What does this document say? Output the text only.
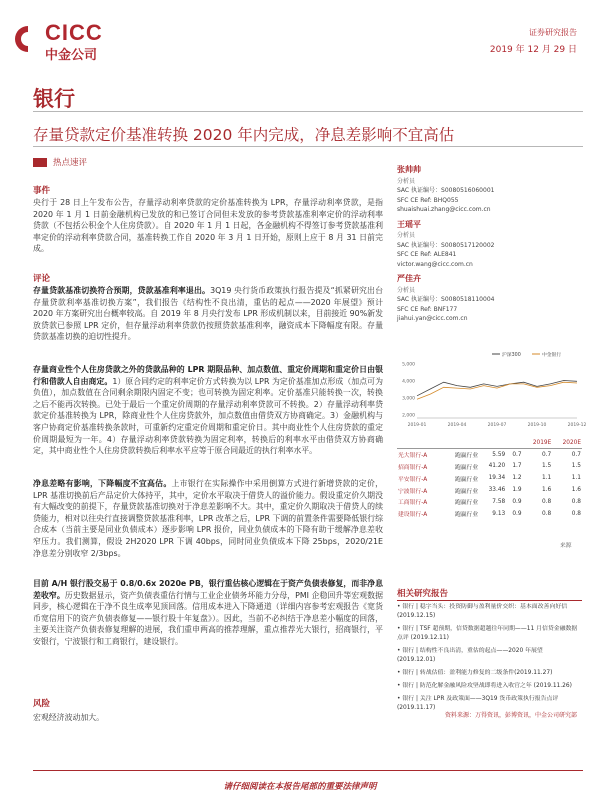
CICC
中金公司
证券研究报告
2019 年 12 月 29 日
银行
存量贷款定价基准转换 2020 年内完成，净息差影响不宜高估
热点速评
事件
央行于 28 日上午发布公告，存量浮动利率贷款的定价基准转换为 LPR，存量浮动利率贷款，是指 2020 年 1 月 1 日前金融机构已发放的和已签订合同但未发放的参考贷款基准利率定价的浮动利率贷款（不包括公积金个人住房贷款）。自 2020 年 1 月 1 日起，各金融机构不得签订参考贷款基准利率定价的浮动利率贷款合同，基准转换工作自 2020 年 3 月 1 日开始，原则上应于 8 月 31 日前完成。
评论
存量贷款基准切换符合预期，贷款基准利率退出。3Q19 央行货币政策执行报告提及“抓紧研究出台存量贷款利率基准切换方案”，我们报告《结构性不良出清，重估的起点——2020 年展望》预计 2020 年方案研究出台概率较高。自 2019 年 8 月央行发布 LPR 形成机制以来，目前接近 90%新发放贷款已参照 LPR 定价，但存量浮动利率贷款仍按照贷款基准利率，融资成本下降幅度有限。存量贷款基准切换的迫切性提升。
存量商业性个人住房贷款之外的贷款品种的 LPR 期限品种、加点数值、重定价周期和重定价日由银行和借款人自由商定。1）原合同约定的利率定价方式转换为以 LPR 为定价基准加点形成（加点可为负值），加点数值在合同剩余期限内固定不变；也可转换为固定利率。定价基准只能转换一次，转换之后不能再次转换。已处于最后一个重定价周期的存量浮动利率贷款可不转换。2）存量浮动利率贷款定价基准转换为 LPR，除商业性个人住房贷款外，加点数值由借贷双方协商确定。3）金融机构与客户协商定价基准转换条款时，可重新约定重定价周期和重定价日。其中商业性个人住房贷款的重定价周期最短为一年。4）存量浮动利率贷款转换为固定利率，转换后的利率水平由借贷双方协商确定，其中商业性个人住房贷款转换后利率水平应等于原合同最近的执行利率水平。
净息差略有影响，下降幅度不宜高估。上市银行在实际操作中采用倒算方式进行新增贷款的定价，LPR 基准切换前后产品定价大体持平，其中，定价水平取决于借贷人的溢价能力。假设重定价久期没有大幅改变的前提下，存量贷款基准切换对于净息差影响不大。其中，重定价久期取决于借贷人的续贷能力，相对以往央行直接调整贷款基准利率，LPR 改革之后，LPR 下调的前置条件需要降低银行综合成本（当前主要是同业负债成本）逐步影响 LPR 报价，同业负债成本的下降有助于缓解净息差收窄压力。我们测算，假设 2H2020 LPR 下调 40bps，同时同业负债成本下降 25bps，2020/21E 净息差分别收窄 2/3bps。
目前 A/H 银行股交易于 0.8/0.6x 2020e PB，银行重估核心逻辑在于资产负债表修复，而非净息差收窄。历史数据显示，资产负债表重估行情与工业企业债务坏能力分母，PMI 企稳回升等宏观数据同步，核心逻辑在于净不良生成率见顶回落。信用成本进入下降通道（详细内容参考宏观报告《宽货币宽信用下的资产负债表修复——银行股十年复盘》）。因此，当前不必纠结于净息差小幅度的回落，主要关注资产负债表修复理解的进展，我们重申两高的推荐理解，重点推荐光大银行，招商银行，平安银行，宁波银行和工商银行，建设银行。
风险
宏观经济波动加大。
张帅帅
分析员
SAC 执证编号：S0080516060001
SFC CE Ref: BHQ055
shuaishuai.zhang@cicc.com.cn
王瑶平
分析员
SAC 执证编号：S0080517120002
SFC CE Ref: ALE841
victor.wang@cicc.com.cn
严佳卉
分析员
SAC 执证编号：S0080518110004
SFC CE Ref: BNF177
jiahui.yan@cicc.com.cn
5,000
4,000
3,000
2,000
2019-01	2019-04	2019-07	2019-10	2019-12
沪深300	中金银行
				2019E	2020E
光大银行-A	跑赢行业	5.59	0.7	0.7	0.7
招商银行-A	跑赢行业	41.20	1.7	1.5	1.5
平安银行-A	跑赢行业	19.34	1.2	1.1	1.1
宁波银行-A	跑赢行业	33.46	1.9	1.6	1.6
工商银行-A	跑赢行业	7.58	0.9	0.8	0.8
建设银行-A	跑赢行业	9.13	0.9	0.8	0.8
来源
相关研究报告
• 银行 | 稳字当头：投资防御与盈利量价交织：基本面改善向好信(2019.12.15)
• 银行 | TSF 超预期，信贷数据超越往年同期——11 月信贷金融数据点评 (2019.12.11)
• 银行 | 结构性不良出清，重估的起点——2020 年展望 (2019.12.01)
• 银行 | 转战估值：盈利能力修复的二级条件(2019.11.27)
• 银行 | 防范化解金融风险攻坚战即将进入收官之年 (2019.11.26)
• 银行 | 关注 LPR 及政策面——3Q19 货币政策执行报告点评 (2019.11.17)
资料来源：万得资讯，彭博资讯，中金公司研究部
请仔细阅读在本报告尾部的重要法律声明
